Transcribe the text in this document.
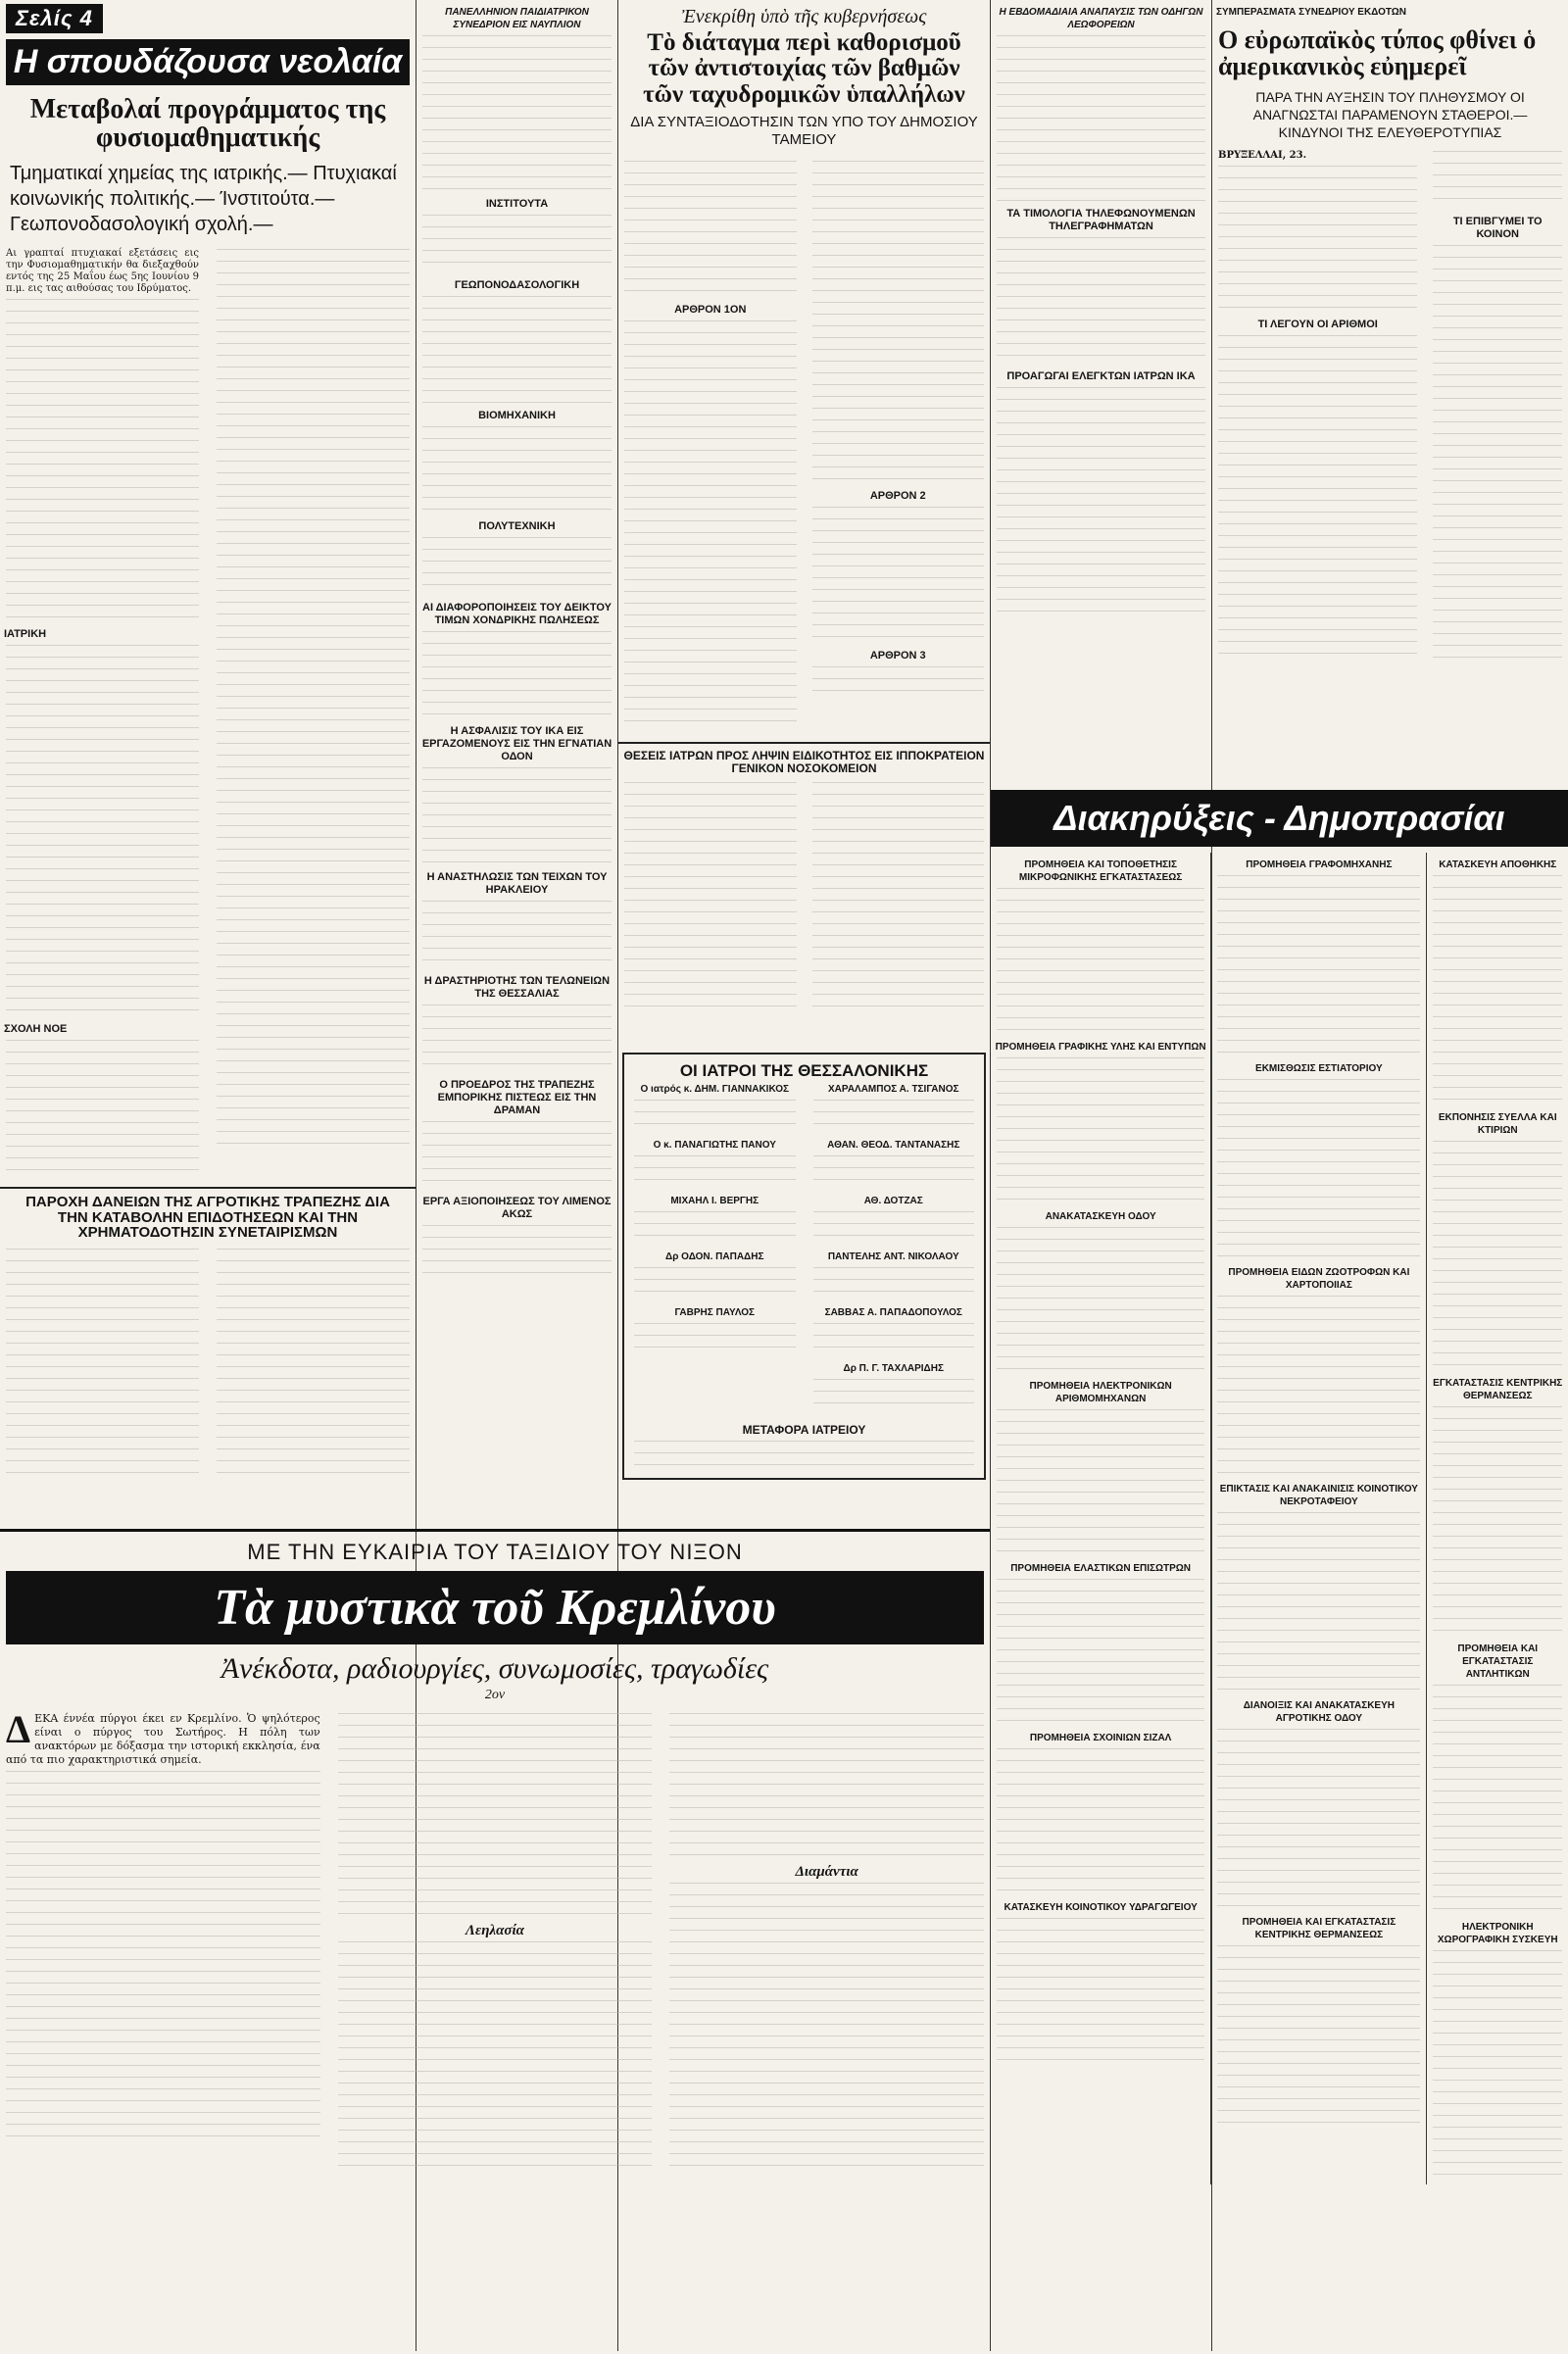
Σελίς 4
Η σπουδάζουσα νεολαία
Μεταβολαί προγράμματος της φυσιομαθηματικής
Τμηματικαί χημείας της ιατρικής.— Πτυχιακαί κοινωνικής πολιτικής.— Ίνστιτούτα.— Γεωπονοδασολογική σχολή.—
Αι γραπταί πτυχιακαί εξετάσεις εις την Φυσιομαθηματικήν θα διεξαχθούν εντός της 25 Μαΐου έως 5ης Ιουνίου 9 π.μ. εις τας αιθούσας του Ιδρύματος.
ΙΑΤΡΙΚΗ
ΣΧΟΛΗ ΝΟΕ
ΠΑΡΟΧΗ ΔΑΝΕΙΩΝ ΤΗΣ ΑΓΡΟΤΙΚΗΣ ΤΡΑΠΕΖΗΣ ΔΙΑ ΤΗΝ ΚΑΤΑΒΟΛΗΝ ΕΠΙΔΟΤΗΣΕΩΝ ΚΑΙ ΤΗΝ ΧΡΗΜΑΤΟΔΟΤΗΣΙΝ ΣΥΝΕΤΑΙΡΙΣΜΩΝ
ΠΑΝΕΛΛΗΝΙΟΝ ΠΑΙΔΙΑΤΡΙΚΟΝ ΣΥΝΕΔΡΙΟΝ ΕΙΣ ΝΑΥΠΛΙΟΝ
ΙΝΣΤΙΤΟΥΤΑ
ΓΕΩΠΟΝΟΔΑΣΟΛΟΓΙΚΗ
ΒΙΟΜΗΧΑΝΙΚΗ
ΠΟΛΥΤΕΧΝΙΚΗ
ΑΙ ΔΙΑΦΟΡΟΠΟΙΗΣΕΙΣ ΤΟΥ ΔΕΙΚΤΟΥ ΤΙΜΩΝ ΧΟΝΔΡΙΚΗΣ ΠΩΛΗΣΕΩΣ
Η ΑΣΦΑΛΙΣΙΣ ΤΟΥ ΙΚΑ ΕΙΣ ΕΡΓΑΖΟΜΕΝΟΥΣ ΕΙΣ ΤΗΝ ΕΓΝΑΤΙΑΝ ΟΔΟΝ
Η ΑΝΑΣΤΗΛΩΣΙΣ ΤΩΝ ΤΕΙΧΩΝ ΤΟΥ ΗΡΑΚΛΕΙΟΥ
Η ΔΡΑΣΤΗΡΙΟΤΗΣ ΤΩΝ ΤΕΛΩΝΕΙΩΝ ΤΗΣ ΘΕΣΣΑΛΙΑΣ
Ο ΠΡΟΕΔΡΟΣ ΤΗΣ ΤΡΑΠΕΖΗΣ ΕΜΠΟΡΙΚΗΣ ΠΙΣΤΕΩΣ ΕΙΣ ΤΗΝ ΔΡΑΜΑΝ
ΕΡΓΑ ΑΞΙΟΠΟΙΗΣΕΩΣ ΤΟΥ ΛΙΜΕΝΟΣ ΑΚΩΣ
Ἐνεκρίθη ὑπὸ τῆς κυβερνήσεως
Τὸ διάταγμα περὶ καθορισμοῦ τῶν ἀντιστοιχίας τῶν βαθμῶν τῶν ταχυδρομικῶν ὑπαλλήλων
ΔΙΑ ΣΥΝΤΑΞΙΟΔΟΤΗΣΙΝ ΤΩΝ ΥΠΟ ΤΟΥ ΔΗΜΟΣΙΟΥ ΤΑΜΕΙΟΥ
ΑΡΘΡΟΝ 1ΟΝ
ΑΡΘΡΟΝ 2
ΑΡΘΡΟΝ 3
ΘΕΣΕΙΣ ΙΑΤΡΩΝ ΠΡΟΣ ΛΗΨΙΝ ΕΙΔΙΚΟΤΗΤΟΣ ΕΙΣ ΙΠΠΟΚΡΑΤΕΙΟΝ ΓΕΝΙΚΟΝ ΝΟΣΟΚΟΜΕΙΟΝ
Η ΕΒΔΟΜΑΔΙΑΙΑ ΑΝΑΠΑΥΣΙΣ ΤΩΝ ΟΔΗΓΩΝ ΛΕΩΦΟΡΕΙΩΝ
ΤΑ ΤΙΜΟΛΟΓΙΑ ΤΗΛΕΦΩΝΟΥΜΕΝΩΝ ΤΗΛΕΓΡΑΦΗΜΑΤΩΝ
ΠΡΟΑΓΩΓΑΙ ΕΛΕΓΚΤΩΝ ΙΑΤΡΩΝ ΙΚΑ
ΣΥΜΠΕΡΑΣΜΑΤΑ ΣΥΝΕΔΡΙΟΥ ΕΚΔΟΤΩΝ
Ο εὐρωπαϊκὸς τύπος φθίνει ὁ ἀμερικανικὸς εὐημερεῖ
ΠΑΡΑ ΤΗΝ ΑΥΞΗΣΙΝ ΤΟΥ ΠΛΗΘΥΣΜΟΥ ΟΙ ΑΝΑΓΝΩΣΤΑΙ ΠΑΡΑΜΕΝΟΥΝ ΣΤΑΘΕΡΟΙ.— ΚΙΝΔΥΝΟΙ ΤΗΣ ΕΛΕΥΘΕΡΟΤΥΠΙΑΣ
ΒΡΥΞΕΛΛΑΙ, 23.
ΤΙ ΛΕΓΟΥΝ ΟΙ ΑΡΙΘΜΟΙ
ΤΙ ΕΠΙΒΓΥΜΕΙ ΤΟ ΚΟΙΝΟΝ
Διακηρύξεις - Δημοπρασίαι
ΠΡΟΜΗΘΕΙΑ ΚΑΙ ΤΟΠΟΘΕΤΗΣΙΣ ΜΙΚΡΟΦΩΝΙΚΗΣ ΕΓΚΑΤΑΣΤΑΣΕΩΣ
ΠΡΟΜΗΘΕΙΑ ΓΡΑΦΙΚΗΣ ΥΛΗΣ ΚΑΙ ΕΝΤΥΠΩΝ
ΑΝΑΚΑΤΑΣΚΕΥΗ ΟΔΟΥ
ΠΡΟΜΗΘΕΙΑ ΗΛΕΚΤΡΟΝΙΚΩΝ ΑΡΙΘΜΟΜΗΧΑΝΩΝ
ΠΡΟΜΗΘΕΙΑ ΕΛΑΣΤΙΚΩΝ ΕΠΙΣΩΤΡΩΝ
ΠΡΟΜΗΘΕΙΑ ΣΧΟΙΝΙΩΝ ΣΙΖΑΛ
ΚΑΤΑΣΚΕΥΗ ΚΟΙΝΟΤΙΚΟΥ ΥΔΡΑΓΩΓΕΙΟΥ
ΠΡΟΜΗΘΕΙΑ ΓΡΑΦΟΜΗΧΑΝΗΣ
ΕΚΜΙΣΘΩΣΙΣ ΕΣΤΙΑΤΟΡΙΟΥ
ΠΡΟΜΗΘΕΙΑ ΕΙΔΩΝ ΖΩΟΤΡΟΦΩΝ ΚΑΙ ΧΑΡΤΟΠΟΙΙΑΣ
ΕΠΙΚΤΑΣΙΣ ΚΑΙ ΑΝΑΚΑΙΝΙΣΙΣ ΚΟΙΝΟΤΙΚΟΥ ΝΕΚΡΟΤΑΦΕΙΟΥ
ΔΙΑΝΟΙΞΙΣ ΚΑΙ ΑΝΑΚΑΤΑΣΚΕΥΗ ΑΓΡΟΤΙΚΗΣ ΟΔΟΥ
ΠΡΟΜΗΘΕΙΑ ΚΑΙ ΕΓΚΑΤΑΣΤΑΣΙΣ ΚΕΝΤΡΙΚΗΣ ΘΕΡΜΑΝΣΕΩΣ
ΚΑΤΑΣΚΕΥΗ ΑΠΟΘΗΚΗΣ
ΕΚΠΟΝΗΣΙΣ ΣΥΕΛΛΑ ΚΑΙ ΚΤΙΡΙΩΝ
ΕΓΚΑΤΑΣΤΑΣΙΣ ΚΕΝΤΡΙΚΗΣ ΘΕΡΜΑΝΣΕΩΣ
ΠΡΟΜΗΘΕΙΑ ΚΑΙ ΕΓΚΑΤΑΣΤΑΣΙΣ ΑΝΤΛΗΤΙΚΩΝ
ΗΛΕΚΤΡΟΝΙΚΗ ΧΩΡΟΓΡΑΦΙΚΗ ΣΥΣΚΕΥΗ
ΟΙ ΙΑΤΡΟΙ ΤΗΣ ΘΕΣΣΑΛΟΝΙΚΗΣ
Ο ιατρός κ. ΔΗΜ. ΓΙΑΝΝΑΚΙΚΟΣ
Ο κ. ΠΑΝΑΓΙΩΤΗΣ ΠΑΝΟΥ
ΜΙΧΑΗΛ Ι. ΒΕΡΓΗΣ
Δρ ΟΔΟΝ. ΠΑΠΑΔΗΣ
ΓΑΒΡΗΣ ΠΑΥΛΟΣ
ΧΑΡΑΛΑΜΠΟΣ Α. ΤΣΙΓΑΝΟΣ
ΑΘΑΝ. ΘΕΟΔ. ΤΑΝΤΑΝΑΣΗΣ
ΑΘ. ΔΟΤΖΑΣ
ΠΑΝΤΕΛΗΣ ΑΝΤ. ΝΙΚΟΛΑΟΥ
ΣΑΒΒΑΣ Α. ΠΑΠΑΔΟΠΟΥΛΟΣ
Δρ Π. Γ. ΤΑΧΛΑΡΙΔΗΣ
ΜΕΤΑΦΟΡΑ ΙΑΤΡΕΙΟΥ
ΜΕ ΤΗΝ ΕΥΚΑΙΡΙΑ ΤΟΥ ΤΑΞΙΔΙΟΥ ΤΟΥ ΝΙΞΟΝ
Τὰ μυστικὰ τοῦ Κρεμλίνου
Ἀνέκδοτα, ραδιουργίες, συνωμοσίες, τραγωδίες
2ον
ΔΕΚΑ έννέα πύργοι έκει εν Κρεμλίνο. Ὁ ψηλότερος είναι ο πύργος του Σωτήρος. Η πόλη των ανακτόρων με δόξασμα την ιστορική εκκλησία, ένα από τα πιο χαρακτηριστικά σημεία.
Λεηλασία
Διαμάντια
